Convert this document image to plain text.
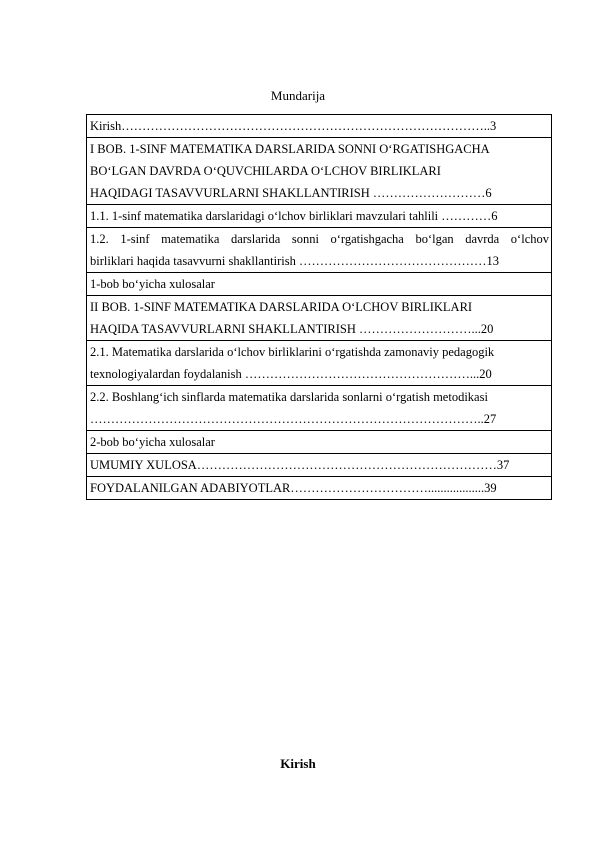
Mundarija
Kirish……………………………………………………………………………..3

I BOB. 1-SINF MATEMATIKA DARSLARIDA SONNI O‘RGATISHGACHA
BO‘LGAN DAVRDA O‘QUVCHILARDA O‘LCHOV BIRLIKLARI
HAQIDAGI TASAVVURLARNI SHAKLLANTIRISH ………………………6

1.1. 1-sinf matematika darslaridagi o‘lchov birliklari mavzulari tahlili …………6

1.2. 1-sinf matematika darslarida sonni o‘rgatishgacha bo‘lgan davrda o‘lchov
birliklari haqida tasavvurni shakllantirish ………………………………………13

1-bob bo‘yicha xulosalar

II BOB. 1-SINF MATEMATIKA DARSLARIDA O‘LCHOV BIRLIKLARI
HAQIDA TASAVVURLARNI SHAKLLANTIRISH ………………………...20

2.1. Matematika darslarida o‘lchov birliklarini o‘rgatishda zamonaviy pedagogik
texnologiyalardan foydalanish ………………………………………………...20

2.2. Boshlang‘ich sinflarda matematika darslarida sonlarni o‘rgatish metodikasi
…………………………………………………………………………………..27

2-bob bo‘yicha xulosalar

UMUMIY XULOSA………………………………………………………………37

FOYDALANILGAN ADABIYOTLAR……………………………..................39
Kirish
